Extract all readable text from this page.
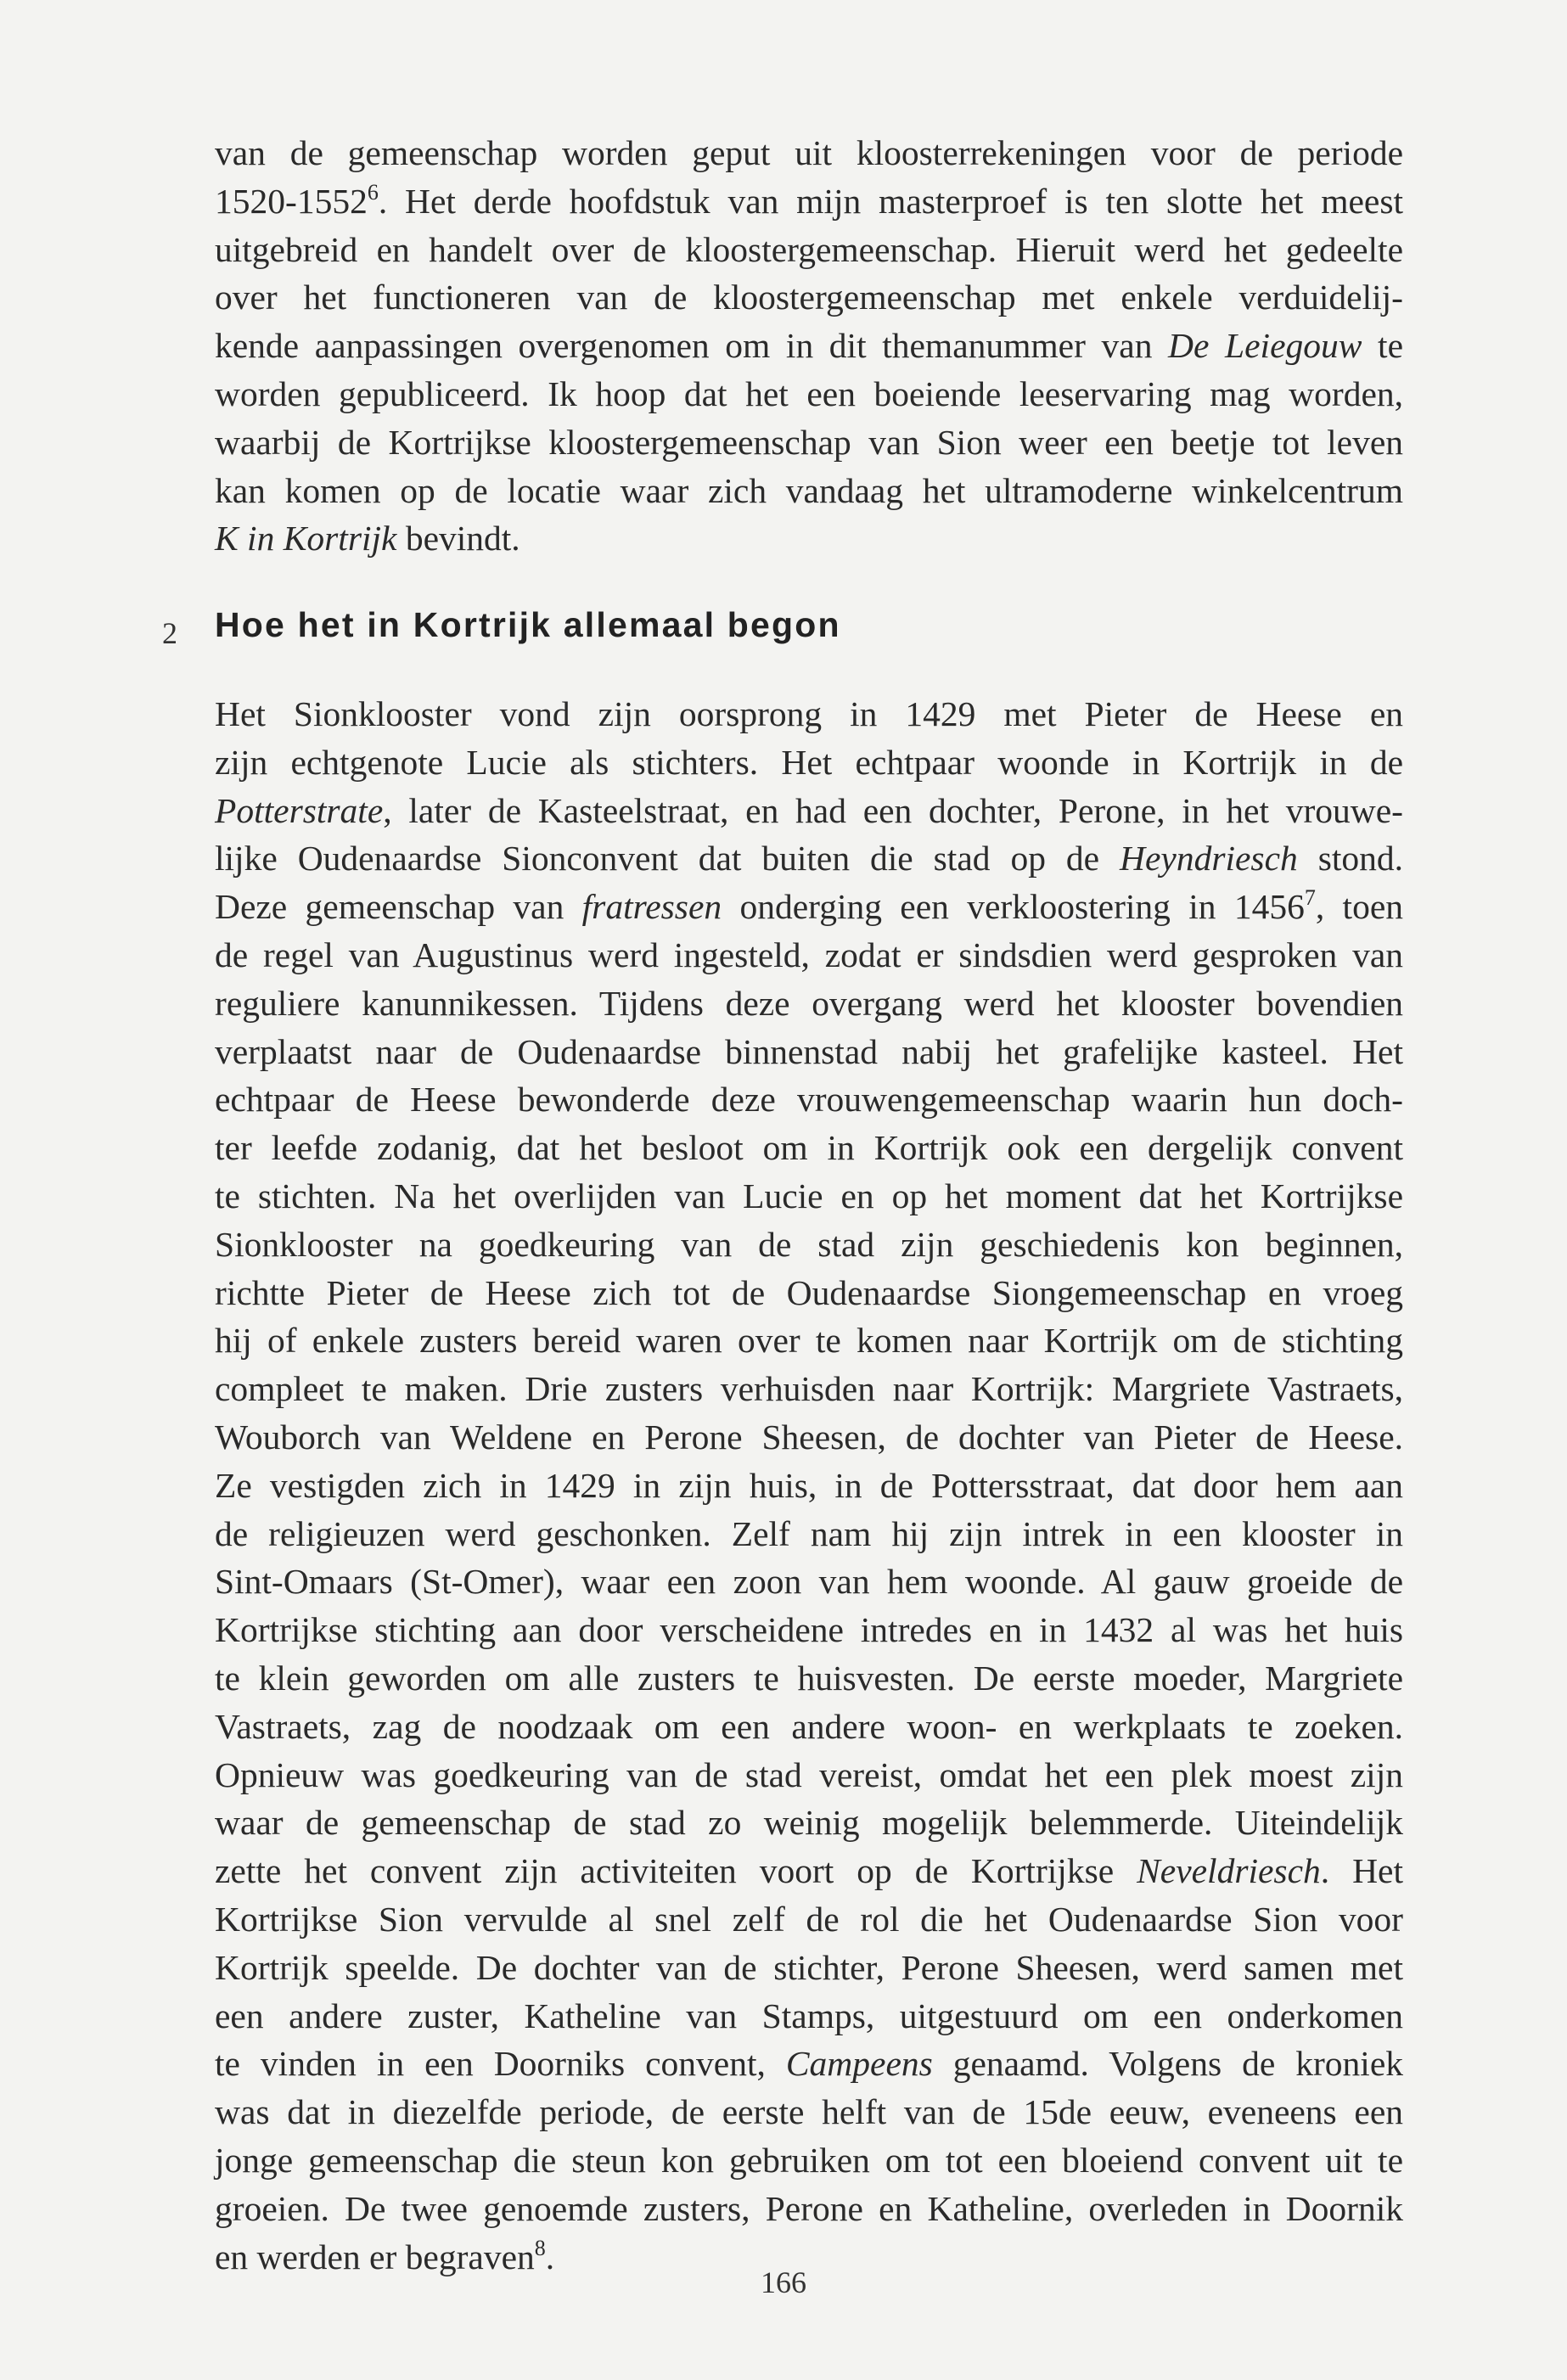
van de gemeenschap worden geput uit kloosterrekeningen voor de periode
1520-1552$^6$. Het derde hoofdstuk van mijn masterproef is ten slotte het meest
uitgebreid en handelt over de kloostergemeenschap. Hieruit werd het gedeelte
over het functioneren van de kloostergemeenschap met enkele verduidelij-
kende aanpassingen overgenomen om in dit themanummer van De Leiegouw te
worden gepubliceerd. Ik hoop dat het een boeiende leeservaring mag worden,
waarbij de Kortrijkse kloostergemeenschap van Sion weer een beetje tot leven
kan komen op de locatie waar zich vandaag het ultramoderne winkelcentrum
K in Kortrijk bevindt.
2 Hoe het in Kortrijk allemaal begon
Het Sionklooster vond zijn oorsprong in 1429 met Pieter de Heese en
zijn echtgenote Lucie als stichters. Het echtpaar woonde in Kortrijk in de
Potterstrate, later de Kasteelstraat, en had een dochter, Perone, in het vrouwe-
lijke Oudenaardse Sionconvent dat buiten die stad op de Heyndriesch stond.
Deze gemeenschap van fratressen onderging een verkloostering in 1456$^7$, toen
de regel van Augustinus werd ingesteld, zodat er sindsdien werd gesproken van
reguliere kanunnikessen. Tijdens deze overgang werd het klooster bovendien
verplaatst naar de Oudenaardse binnenstad nabij het grafelijke kasteel. Het
echtpaar de Heese bewonderde deze vrouwengemeenschap waarin hun doch-
ter leefde zodanig, dat het besloot om in Kortrijk ook een dergelijk convent
te stichten. Na het overlijden van Lucie en op het moment dat het Kortrijkse
Sionklooster na goedkeuring van de stad zijn geschiedenis kon beginnen,
richtte Pieter de Heese zich tot de Oudenaardse Siongemeenschap en vroeg
hij of enkele zusters bereid waren over te komen naar Kortrijk om de stichting
compleet te maken. Drie zusters verhuisden naar Kortrijk: Margriete Vastraets,
Wouborch van Weldene en Perone Sheesen, de dochter van Pieter de Heese.
Ze vestigden zich in 1429 in zijn huis, in de Pottersstraat, dat door hem aan
de religieuzen werd geschonken. Zelf nam hij zijn intrek in een klooster in
Sint-Omaars (St-Omer), waar een zoon van hem woonde. Al gauw groeide de
Kortrijkse stichting aan door verscheidene intredes en in 1432 al was het huis
te klein geworden om alle zusters te huisvesten. De eerste moeder, Margriete
Vastraets, zag de noodzaak om een andere woon- en werkplaats te zoeken.
Opnieuw was goedkeuring van de stad vereist, omdat het een plek moest zijn
waar de gemeenschap de stad zo weinig mogelijk belemmerde. Uiteindelijk
zette het convent zijn activiteiten voort op de Kortrijkse Neveldriesch. Het
Kortrijkse Sion vervulde al snel zelf de rol die het Oudenaardse Sion voor
Kortrijk speelde. De dochter van de stichter, Perone Sheesen, werd samen met
een andere zuster, Katheline van Stamps, uitgestuurd om een onderkomen
te vinden in een Doorniks convent, Campeens genaamd. Volgens de kroniek
was dat in diezelfde periode, de eerste helft van de 15de eeuw, eveneens een
jonge gemeenschap die steun kon gebruiken om tot een bloeiend convent uit te
groeien. De twee genoemde zusters, Perone en Katheline, overleden in Doornik
en werden er begraven$^8$.
166
